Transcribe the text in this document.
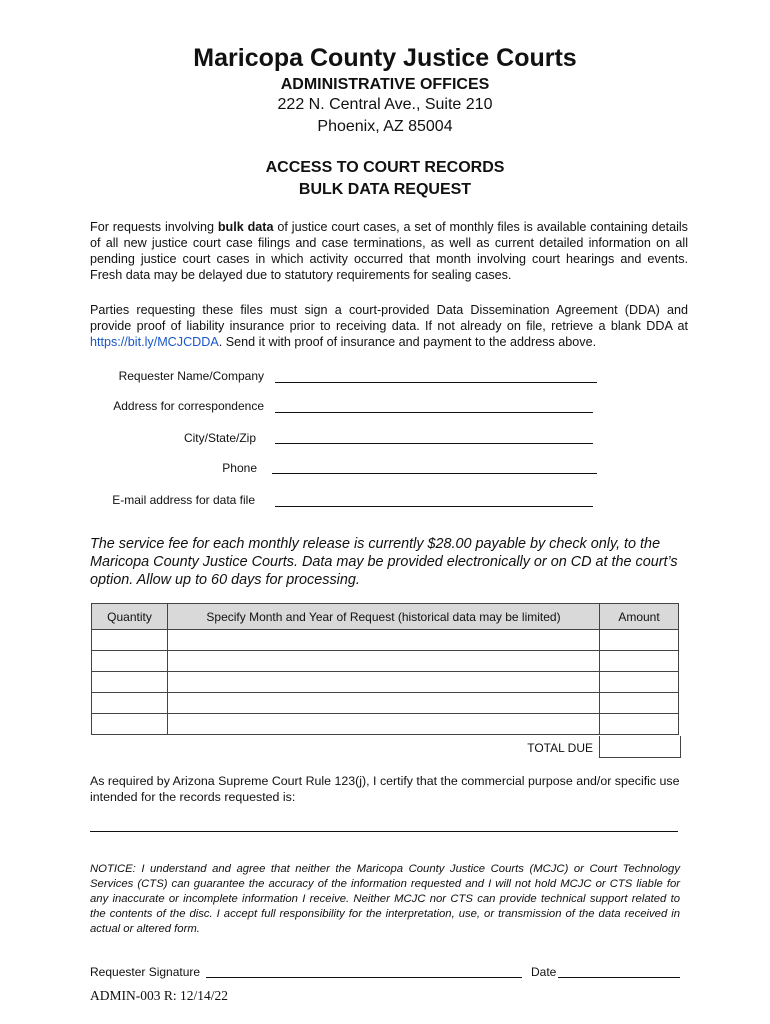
Maricopa County Justice Courts
ADMINISTRATIVE OFFICES
222 N. Central Ave., Suite 210
Phoenix, AZ 85004
ACCESS TO COURT RECORDS
BULK DATA REQUEST
For requests involving bulk data of justice court cases, a set of monthly files is available containing details of all new justice court case filings and case terminations, as well as current detailed information on all pending justice court cases in which activity occurred that month involving court hearings and events. Fresh data may be delayed due to statutory requirements for sealing cases.
Parties requesting these files must sign a court-provided Data Dissemination Agreement (DDA) and provide proof of liability insurance prior to receiving data. If not already on file, retrieve a blank DDA at https://bit.ly/MCJCDDA. Send it with proof of insurance and payment to the address above.
Requester Name/Company
Address for correspondence
City/State/Zip
Phone
E-mail address for data file
The service fee for each monthly release is currently $28.00 payable by check only, to the Maricopa County Justice Courts. Data may be provided electronically or on CD at the court’s option. Allow up to 60 days for processing.
Quantity	Specify Month and Year of Request (historical data may be limited)	Amount

TOTAL DUE
As required by Arizona Supreme Court Rule 123(j), I certify that the commercial purpose and/or specific use intended for the records requested is:
NOTICE: I understand and agree that neither the Maricopa County Justice Courts (MCJC) or Court Technology Services (CTS) can guarantee the accuracy of the information requested and I will not hold MCJC or CTS liable for any inaccurate or incomplete information I receive. Neither MCJC nor CTS can provide technical support related to the contents of the disc. I accept full responsibility for the interpretation, use, or transmission of the data received in actual or altered form.
Requester Signature	Date
ADMIN-003 R: 12/14/22
